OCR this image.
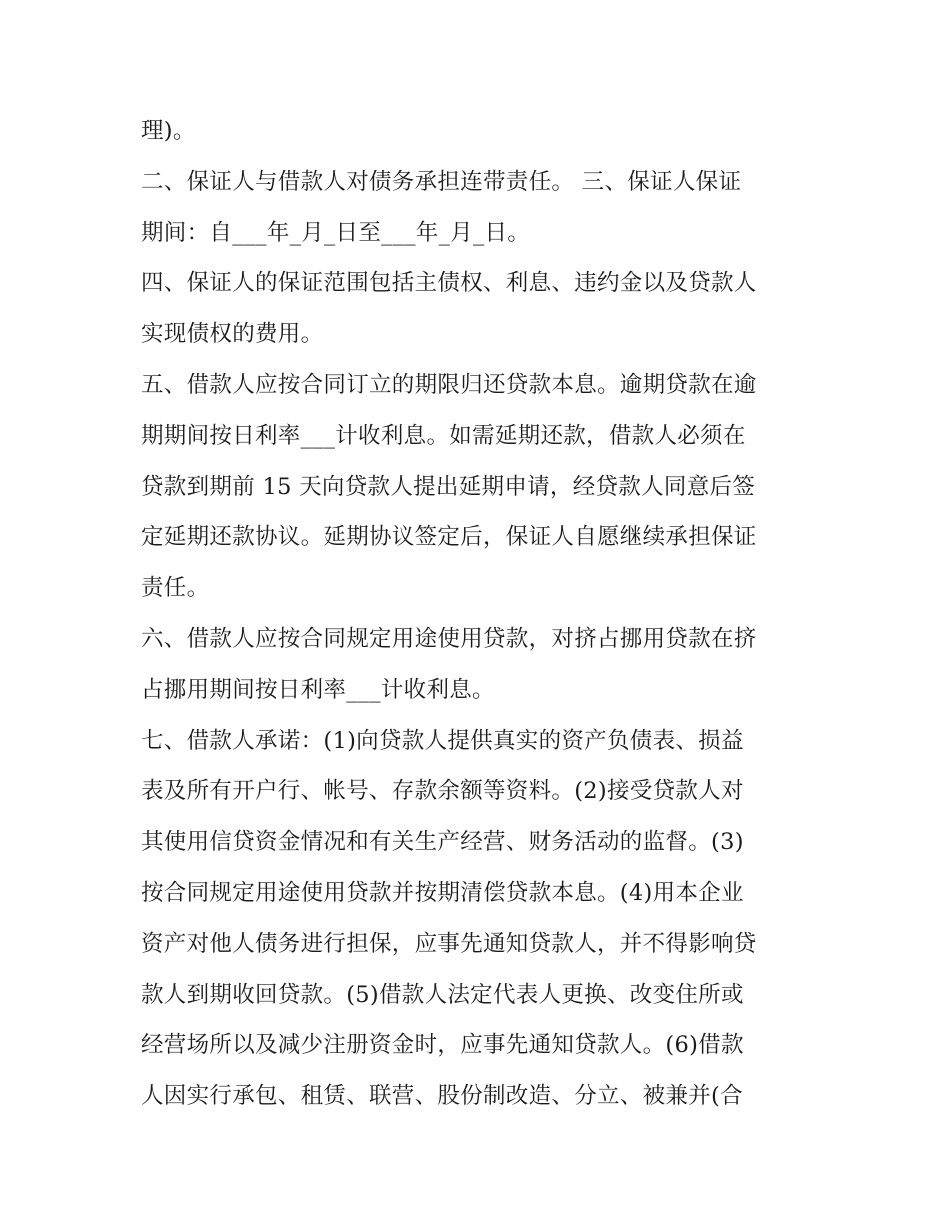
理)。

二、保证人与借款人对债务承担连带责任。 三、保证人保证

期间：自___年_月_日至___年_月_日。

四、保证人的保证范围包括主债权、利息、违约金以及贷款人

实现债权的费用。

五、借款人应按合同订立的期限归还贷款本息。逾期贷款在逾

期期间按日利率___计收利息。如需延期还款，借款人必须在

贷款到期前 15 天向贷款人提出延期申请，经贷款人同意后签

定延期还款协议。延期协议签定后，保证人自愿继续承担保证

责任。

六、借款人应按合同规定用途使用贷款，对挤占挪用贷款在挤

占挪用期间按日利率___计收利息。

七、借款人承诺：(1)向贷款人提供真实的资产负债表、损益

表及所有开户行、帐号、存款余额等资料。(2)接受贷款人对

其使用信贷资金情况和有关生产经营、财务活动的监督。(3)

按合同规定用途使用贷款并按期清偿贷款本息。(4)用本企业

资产对他人债务进行担保，应事先通知贷款人，并不得影响贷

款人到期收回贷款。(5)借款人法定代表人更换、改变住所或

经营场所以及减少注册资金时，应事先通知贷款人。(6)借款

人因实行承包、租赁、联营、股份制改造、分立、被兼并(合
